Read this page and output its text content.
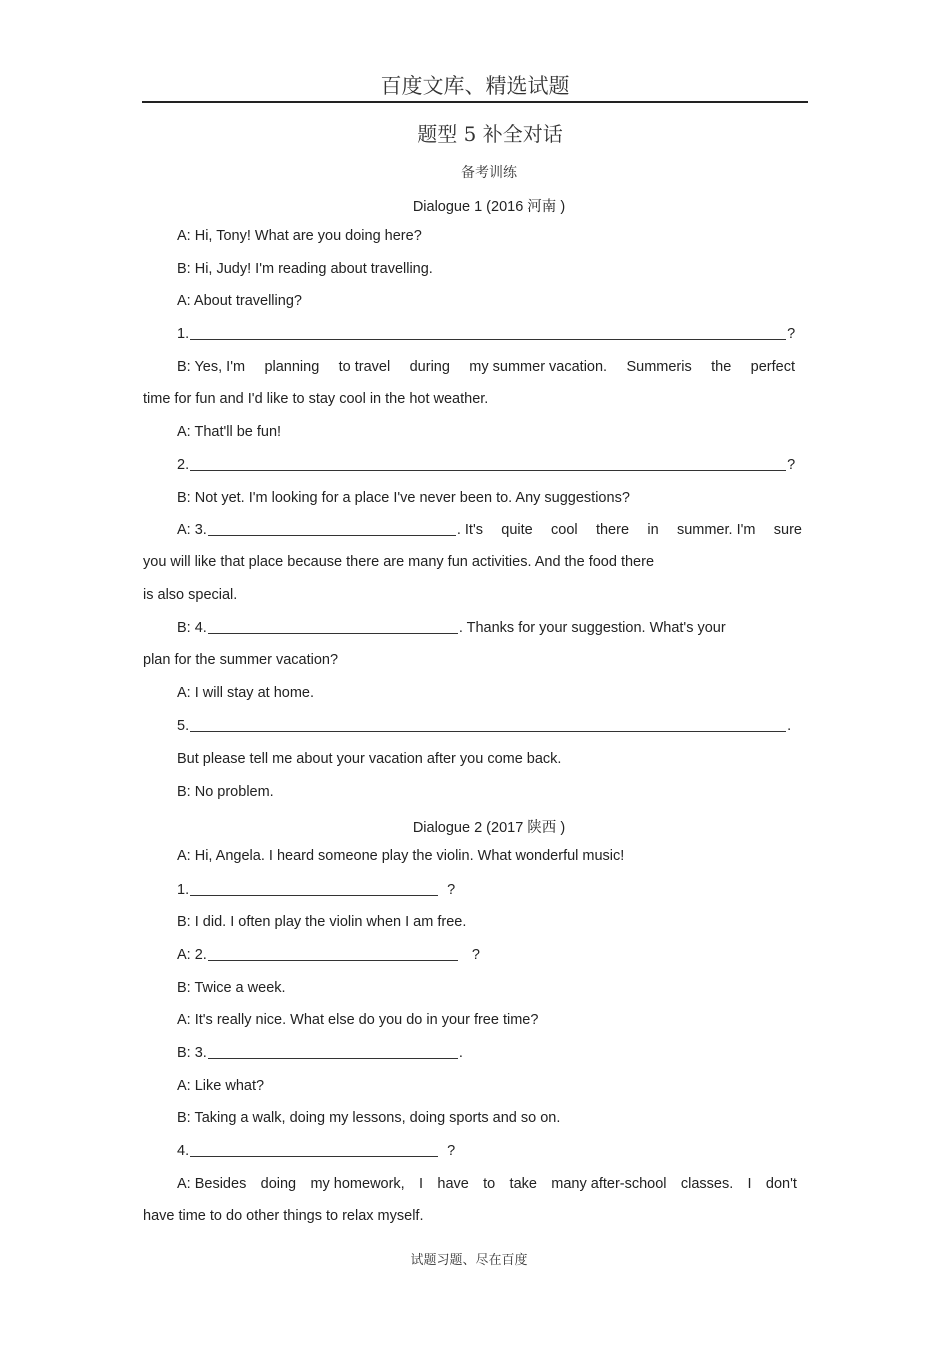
百度文库、精选试题
题型 5 补全对话
备考训练
Dialogue 1 (2016 河南 )
A: Hi, Tony! What are you doing here?
B: Hi, Judy! I'm reading about travelling.
A: About travelling?
1.	?
B: Yes, I'm planning to travel during my summer vacation. Summeris the perfect
time for fun and I'd like to stay cool in the hot weather.
A: That'll be fun!
2.	?
B: Not yet. I'm looking for a place I've never been to. Any suggestions?
A: 3.	. It's quite cool there in summer. I'm sure
you will like that place because there are many fun activities. And the food there
is also special.
B: 4.	. Thanks for your suggestion. What's your
plan for the summer vacation?
A: I will stay at home.
5.	.
But please tell me about your vacation after you come back.
B: No problem.
Dialogue 2 (2017 陕西 )
A: Hi, Angela. I heard someone play the violin. What wonderful music!
1.	?
B: I did. I often play the violin when I am free.
A: 2.	?
B: Twice a week.
A: It's really nice. What else do you do in your free time?
B: 3.	.
A: Like what?
B: Taking a walk, doing my lessons, doing sports and so on.
4.	?
A: Besides doing my homework, I have to take many after-school classes. I don't
have time to do other things to relax myself.
试题习题、尽在百度
